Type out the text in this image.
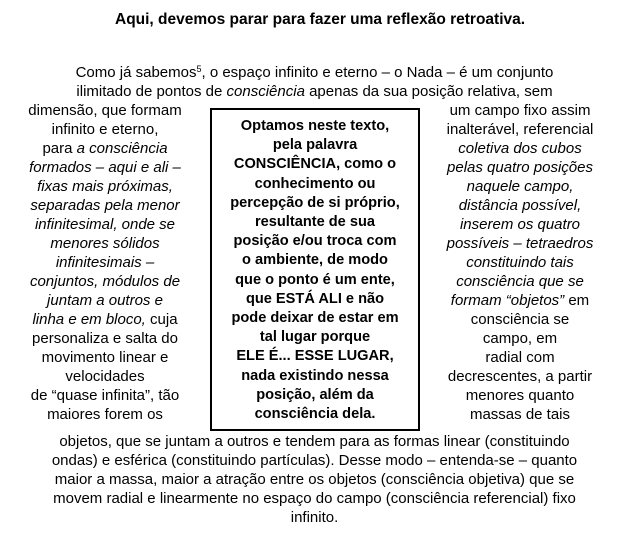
Aqui, devemos parar para fazer uma reflexão retroativa.
Como já sabemos$^5$, o espaço infinito e eterno – o Nada – é um conjunto
ilimitado de pontos de consciência apenas da sua posição relativa, sem
dimensão, que formam
infinito e eterno,
para a consciência
formados – aqui e ali –
fixas mais próximas,
separadas pela menor
infinitesimal, onde se
menores sólidos
infinitesimais –
conjuntos, módulos de
juntam a outros e
linha e em bloco, cuja
personaliza e salta do
movimento linear e
velocidades
de “quase infinita”, tão
um campo fixo assim
inalterável, referencial
coletiva dos cubos
pelas quatro posições
naquele campo,
distância possível,
inserem os quatro
possíveis – tetraedros
constituindo tais
consciência que se
formam “objetos” em
consciência se
campo, em
radial com
decrescentes, a partir
menores quanto
massas de tais
Optamos neste texto,
pela palavra
CONSCIÊNCIA, como o
conhecimento ou
percepção de si próprio,
resultante de sua
posição e/ou troca com
o ambiente, de modo
que o ponto é um ente,
que ESTÁ ALI e não
pode deixar de estar em
tal lugar porque
ELE É... ESSE LUGAR,
nada existindo nessa
posição, além da
consciência dela.
maiores forem os
objetos, que se juntam a outros e tendem para as formas linear (constituindo
ondas) e esférica (constituindo partículas). Desse modo – entenda-se – quanto
maior a massa, maior a atração entre os objetos (consciência objetiva) que se
movem radial e linearmente no espaço do campo (consciência referencial) fixo
infinito.
